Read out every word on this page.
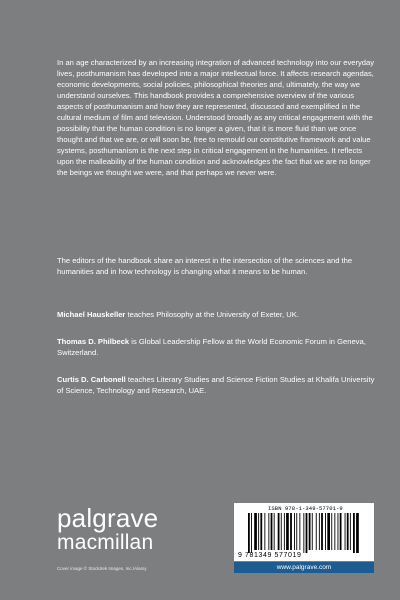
In an age characterized by an increasing integration of advanced technology into our everyday lives, posthumanism has developed into a major intellectual force. It affects research agendas, economic developments, social policies, philosophical theories and, ultimately, the way we understand ourselves. This handbook provides a comprehensive overview of the various aspects of posthumanism and how they are represented, discussed and exemplified in the cultural medium of film and television. Understood broadly as any critical engagement with the possibility that the human condition is no longer a given, that it is more fluid than we once thought and that we are, or will soon be, free to remould our constitutive framework and value systems, posthumanism is the next step in critical engagement in the humanities. It reflects upon the malleability of the human condition and acknowledges the fact that we are no longer the beings we thought we were, and that perhaps we never were.

The editors of the handbook share an interest in the intersection of the sciences and the humanities and in how technology is changing what it means to be human.

Michael Hauskeller teaches Philosophy at the University of Exeter, UK.

Thomas D. Philbeck is Global Leadership Fellow at the World Economic Forum in Geneva, Switzerland.

Curtis D. Carbonell teaches Literary Studies and Science Fiction Studies at Khalifa University of Science, Technology and Research, UAE.

palgrave
macmillan
Cover image © Stocktrek Images, Inc./Alamy
ISBN 978-1-349-57701-9
9 781349 577019
www.palgrave.com
